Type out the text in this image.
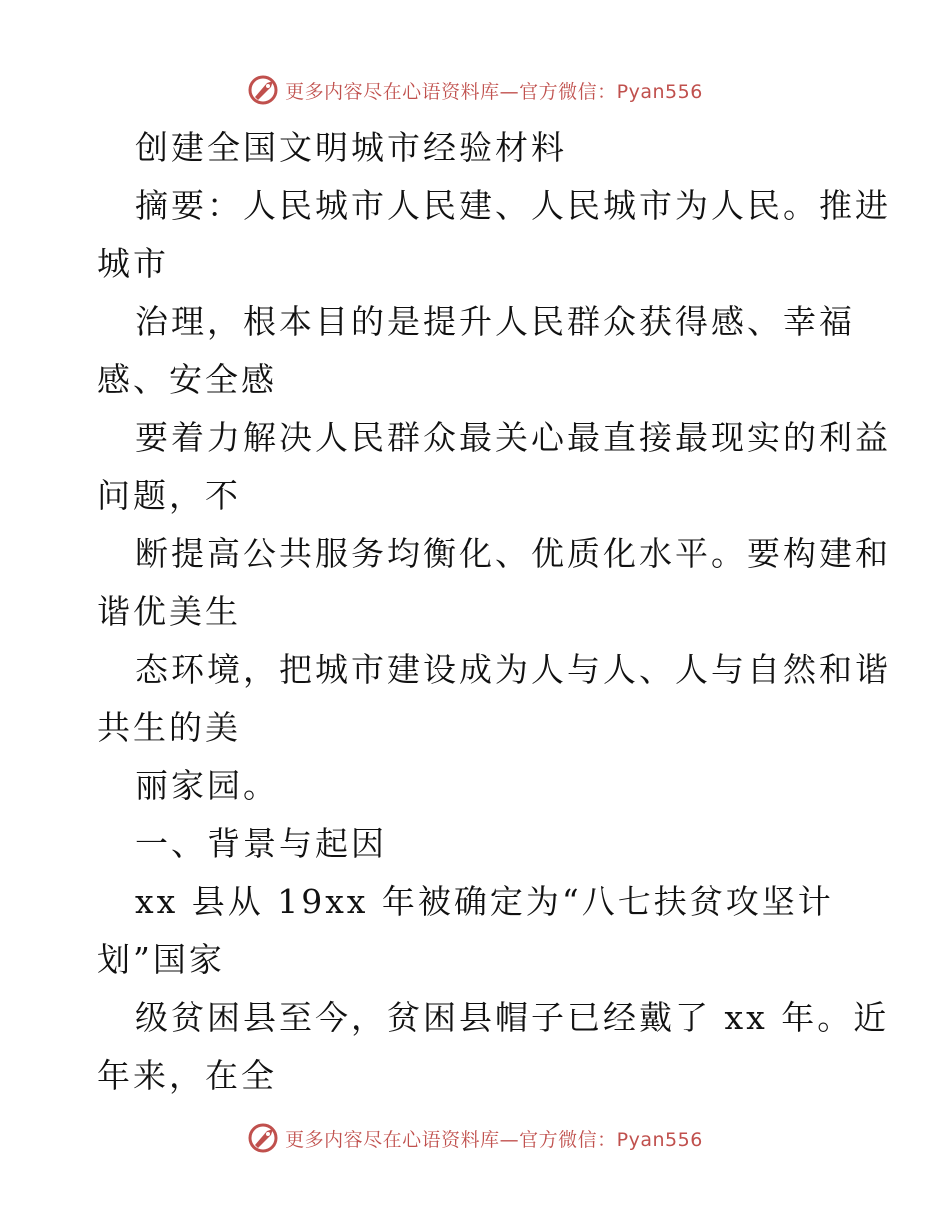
更多内容尽在心语资料库—官方微信：Pyan556
创建全国文明城市经验材料
摘要：人民城市人民建、人民城市为人民。推进
城市
治理，根本目的是提升人民群众获得感、幸福
感、安全感
要着力解决人民群众最关心最直接最现实的利益
问题，不
断提高公共服务均衡化、优质化水平。要构建和
谐优美生
态环境，把城市建设成为人与人、人与自然和谐
共生的美
丽家园。
一、背景与起因
xx 县从 19xx 年被确定为“八七扶贫攻坚计
划”国家
级贫困县至今，贫困县帽子已经戴了 xx 年。近
年来，在全
更多内容尽在心语资料库—官方微信：Pyan556
